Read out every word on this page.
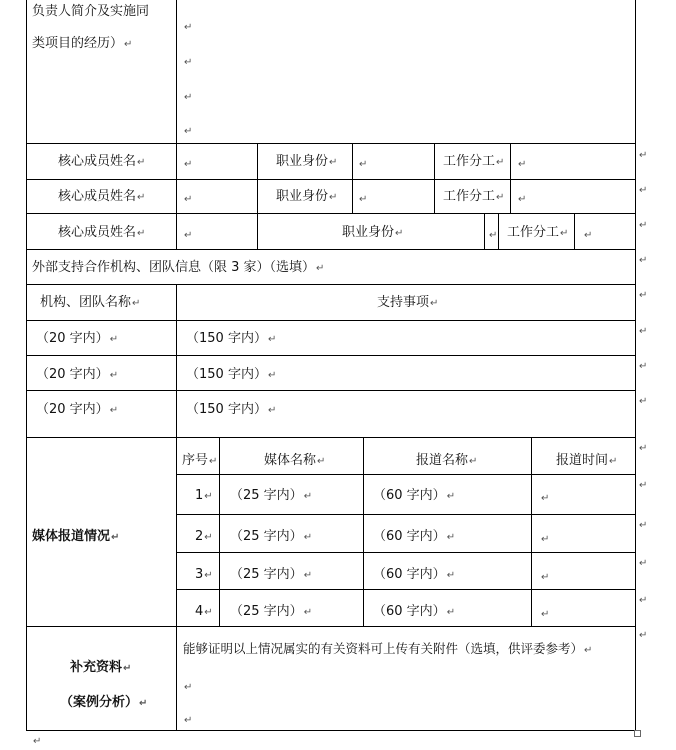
负责人简介及实施同
类项目的经历）↵
↵
↵
↵
↵
核心成员姓名↵	↵	职业身份↵ ↵	工作分工↵ ↵
核心成员姓名↵	↵	职业身份↵ ↵	工作分工↵ ↵
核心成员姓名↵	↵	职业身份↵	↵ 工作分工↵ ↵
外部支持合作机构、团队信息（限 3 家）（选填）↵
机构、团队名称↵	支持事项↵
（20 字内）↵	（150 字内）↵
（20 字内）↵	（150 字内）↵
（20 字内）↵	（150 字内）↵
媒体报道情况↵
序号↵	媒体名称↵	报道名称↵	报道时间↵
1↵ （25 字内）↵	（60 字内）↵	↵
2↵ （25 字内）↵	（60 字内）↵	↵
3↵ （25 字内）↵	（60 字内）↵	↵
4↵ （25 字内）↵	（60 字内）↵	↵
补充资料↵
（案例分析）↵
能够证明以上情况属实的有关资料可上传有关附件（选填，供评委参考）↵
↵
↵
↵
↵
↵
↵
↵
↵
↵
↵
↵
↵
↵
↵
↵
↵
↵
